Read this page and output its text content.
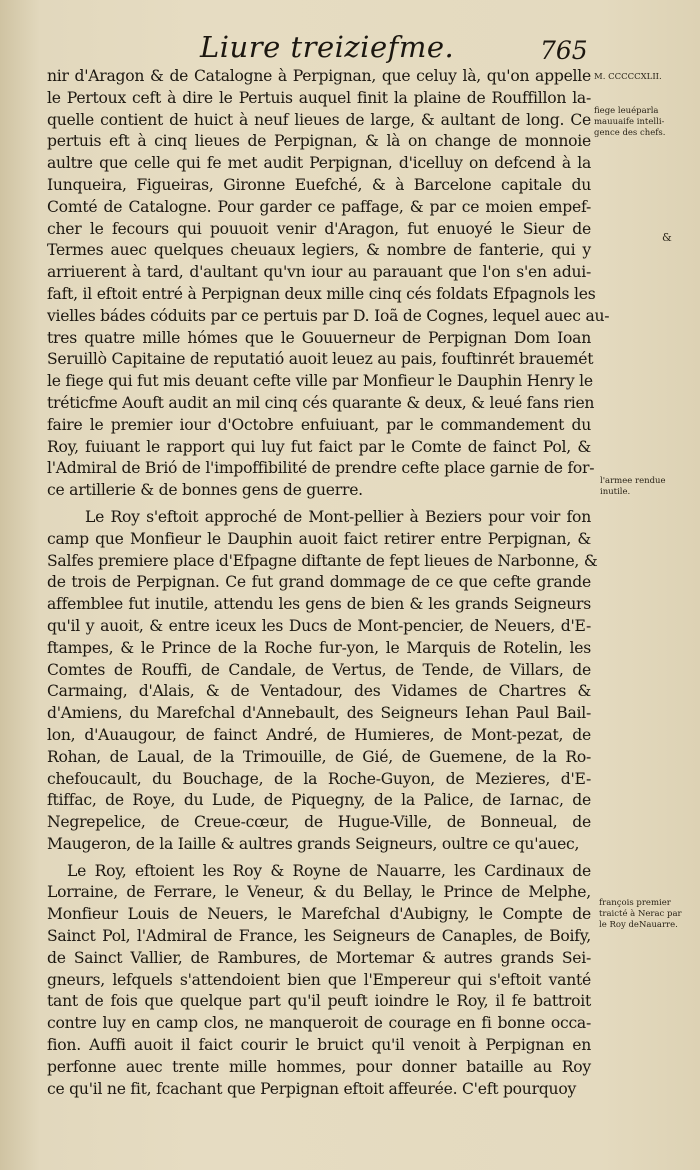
Liure treiziefme.	765
nir d'Aragon & de Catalogne à Perpignan, que celuy là, qu'on appelle
le Pertoux ceft à dire le Pertuis auquel finit la plaine de Rouffillon la-
quelle contient de huict à neuf lieues de large, & aultant de long. Ce
pertuis eft à cinq lieues de Perpignan, & là on change de monnoie
aultre que celle qui fe met audit Perpignan, d'icelluy on defcend à la
Iunqueira, Figueiras, Gironne Euefché, & à Barcelone capitale du
Comté de Catalogne. Pour garder ce paffage, & par ce moien empef-
cher le fecours qui pouuoit venir d'Aragon, fut enuoyé le Sieur de
Termes auec quelques cheuaux legiers, & nombre de fanterie, qui y
arriuerent à tard, d'aultant qu'vn iour au parauant que l'on s'en adui-
faft, il eftoit entré à Perpignan deux mille cinq cés foldats Efpagnols les
vielles bádes códuits par ce pertuis par D. Ioã de Cognes, lequel auec au-
tres quatre mille hómes que le Gouuerneur de Perpignan Dom Ioan
Seruillò Capitaine de reputatió auoit leuez au pais, fouftinrét brauemét
le fiege qui fut mis deuant cefte ville par Monfieur le Dauphin Henry le
tréticfme Aouft audit an mil cinq cés quarante & deux, & leué fans rien
faire le premier iour d'Octobre enfuiuant, par le commandement du
Roy, fuiuant le rapport qui luy fut faict par le Comte de fainct Pol, &
l'Admiral de Brió de l'impoffibilité de prendre cefte place garnie de for-
ce artillerie & de bonnes gens de guerre.
Le Roy s'eftoit approché de Mont-pellier à Beziers pour voir fon
camp que Monfieur le Dauphin auoit faict retirer entre Perpignan, &
Salfes premiere place d'Efpagne diftante de fept lieues de Narbonne, &
de trois de Perpignan. Ce fut grand dommage de ce que cefte grande
affemblee fut inutile, attendu les gens de bien & les grands Seigneurs
qu'il y auoit, & entre iceux les Ducs de Mont-pencier, de Neuers, d'E-
ftampes, & le Prince de la Roche fur-yon, le Marquis de Rotelin, les
Comtes de Rouffi, de Candale, de Vertus, de Tende, de Villars, de
Carmaing, d'Alais, & de Ventadour, des Vidames de Chartres &
d'Amiens, du Marefchal d'Annebault, des Seigneurs Iehan Paul Bail-
lon, d'Auaugour, de fainct André, de Humieres, de Mont-pezat, de
Rohan, de Laual, de la Trimouille, de Gié, de Guemene, de la Ro-
chefoucault, du Bouchage, de la Roche-Guyon, de Mezieres, d'E-
ftiffac, de Roye, du Lude, de Piquegny, de la Palice, de Iarnac, de
Negrepelice, de Creue-cœur, de Hugue-Ville, de Bonneual, de
Maugeron, de la Iaille & aultres grands Seigneurs, oultre ce qu'auec,
Le Roy, eftoient les Roy & Royne de Nauarre, les Cardinaux de
Lorraine, de Ferrare, le Veneur, & du Bellay, le Prince de Melphe,
Monfieur Louis de Neuers, le Marefchal d'Aubigny, le Compte de
Sainct Pol, l'Admiral de France, les Seigneurs de Canaples, de Boify,
de Sainct Vallier, de Rambures, de Mortemar & autres grands Sei-
gneurs, lefquels s'attendoient bien que l'Empereur qui s'eftoit vanté
tant de fois que quelque part qu'il peuft ioindre le Roy, il fe battroit
contre luy en camp clos, ne manqueroit de courage en fi bonne occa-
fion. Auffi auoit il faict courir le bruict qu'il venoit à Perpignan en
perfonne auec trente mille hommes, pour donner bataille au Roy
ce qu'il ne fit, fcachant que Perpignan eftoit affeurée. C'eft pourquoy
M. CCCCCXLII.
fiege leuéparla
mauuaife intelli-
gence des chefs.
&
l'armee rendue
inutile.
françois premier
traicté à Nerac par
le Roy deNauarre.
